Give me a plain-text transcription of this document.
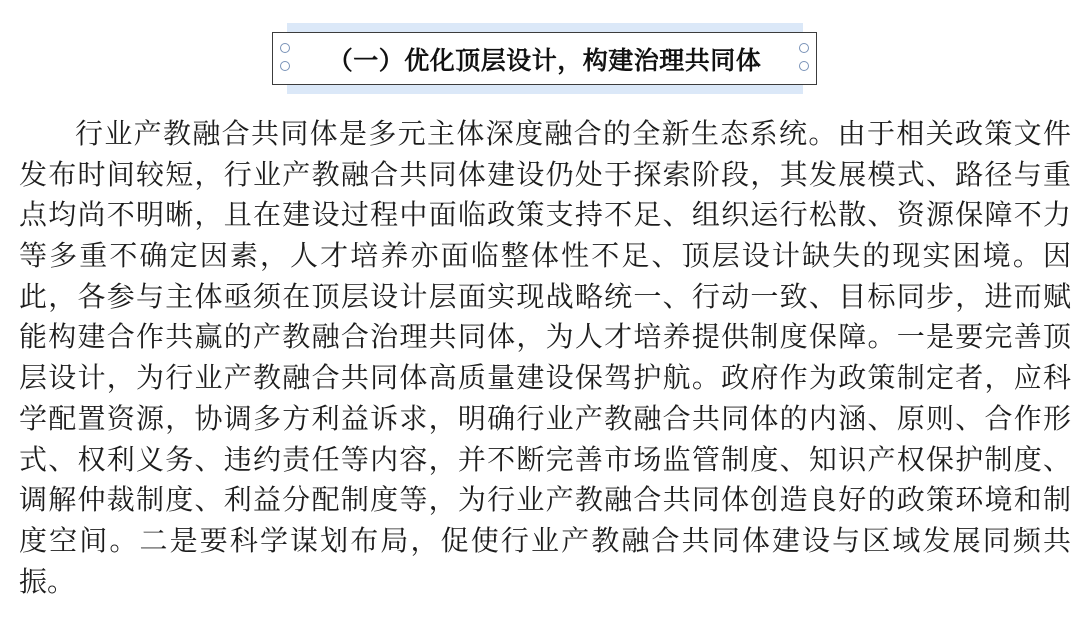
（一）优化顶层设计，构建治理共同体
行业产教融合共同体是多元主体深度融合的全新生态系统。由于相关政策文件
发布时间较短，行业产教融合共同体建设仍处于探索阶段，其发展模式、路径与重
点均尚不明晰，且在建设过程中面临政策支持不足、组织运行松散、资源保障不力
等多重不确定因素，人才培养亦面临整体性不足、顶层设计缺失的现实困境。因
此，各参与主体亟须在顶层设计层面实现战略统一、行动一致、目标同步，进而赋
能构建合作共赢的产教融合治理共同体，为人才培养提供制度保障。一是要完善顶
层设计，为行业产教融合共同体高质量建设保驾护航。政府作为政策制定者，应科
学配置资源，协调多方利益诉求，明确行业产教融合共同体的内涵、原则、合作形
式、权利义务、违约责任等内容，并不断完善市场监管制度、知识产权保护制度、
调解仲裁制度、利益分配制度等，为行业产教融合共同体创造良好的政策环境和制
度空间。二是要科学谋划布局，促使行业产教融合共同体建设与区域发展同频共
振。
